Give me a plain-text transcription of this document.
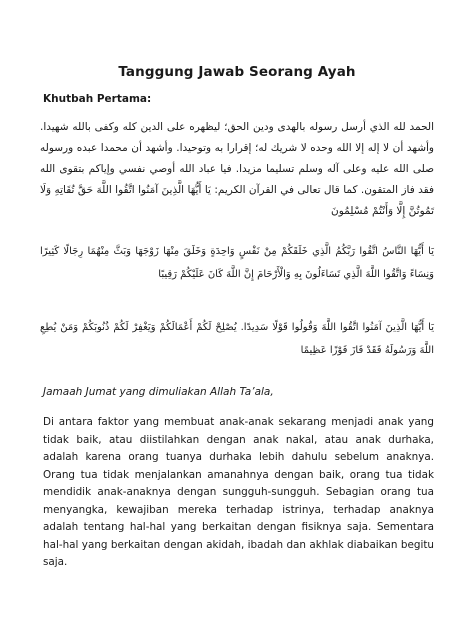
Tanggung Jawab Seorang Ayah
Khutbah Pertama:
الحمد لله الذي أرسل رسوله بالهدى ودين الحق؛ ليظهره على الدين كله وكفى بالله شهيدا. وأشهد أن لا إله إلا الله وحده لا شريك له؛ إقرارا به وتوحيدا. وأشهد أن محمدا عبده ورسوله صلى الله عليه وعلى آله وسلم تسليما مزيدا. فيا عباد الله أوصي نفسي وإياكم بتقوى الله فقد فاز المتقون. كما قال تعالى في القرآن الكريم: يَا أَيُّهَا الَّذِينَ آمَنُوا اتَّقُوا اللَّهَ حَقَّ تُقَاتِهِ وَلَا تَمُوتُنَّ إِلَّا وَأَنْتُمْ مُسْلِمُونَ
يَا أَيُّهَا النَّاسُ اتَّقُوا رَبَّكُمُ الَّذِي خَلَقَكُمْ مِنْ نَفْسٍ وَاحِدَةٍ وَخَلَقَ مِنْهَا زَوْجَهَا وَبَثَّ مِنْهُمَا رِجَالًا كَثِيرًا وَنِسَاءً وَاتَّقُوا اللَّهَ الَّذِي تَسَاءَلُونَ بِهِ وَالْأَرْحَامَ إِنَّ اللَّهَ كَانَ عَلَيْكُمْ رَقِيبًا
يَا أَيُّهَا الَّذِينَ آمَنُوا اتَّقُوا اللَّهَ وَقُولُوا قَوْلًا سَدِيدًا. يُصْلِحْ لَكُمْ أَعْمَالَكُمْ وَيَغْفِرْ لَكُمْ ذُنُوبَكُمْ وَمَنْ يُطِعِ اللَّهَ وَرَسُولَهُ فَقَدْ فَازَ فَوْزًا عَظِيمًا
Jamaah Jumat yang dimuliakan Allah Ta’ala,
Di antara faktor yang membuat anak-anak sekarang menjadi anak yang tidak baik, atau diistilahkan dengan anak nakal, atau anak durhaka, adalah karena orang tuanya durhaka lebih dahulu sebelum anaknya. Orang tua tidak menjalankan amanahnya dengan baik, orang tua tidak mendidik anak-anaknya dengan sungguh-sungguh. Sebagian orang tua menyangka, kewajiban mereka terhadap istrinya, terhadap anaknya adalah tentang hal-hal yang berkaitan dengan fisiknya saja. Sementara hal-hal yang berkaitan dengan akidah, ibadah dan akhlak diabaikan begitu saja.
